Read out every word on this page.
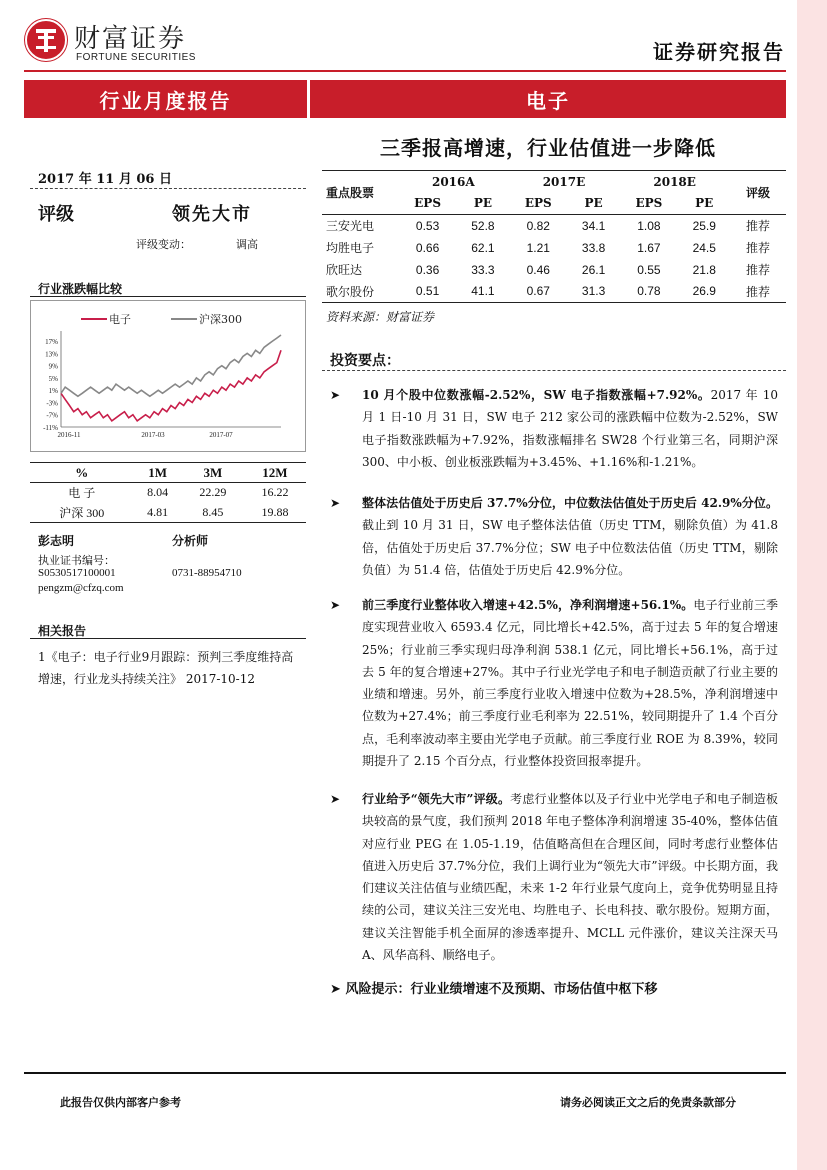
财富证券
FORTUNE SECURITIES	证券研究报告
行业月度报告	电子
三季报高增速，行业估值进一步降低
2017 年 11 月 06 日
评级	领先大市
评级变动：	调高
行业涨跌幅比较
17%
13%
9%
5%
1%
-3%
-7%
-11%
2016-11	2017-03	2017-07
电子	沪深300
%	1M	3M	12M
电 子	8.04	22.29	16.22
沪深 300	4.81	8.45	19.88
彭志明	分析师
执业证书编号：
S0530517100001	0731-88954710
pengzm@cfzq.com
相关报告
1《电子：电子行业9月跟踪：预判三季度维持高增速，行业龙头持续关注》 2017-10-12
重点股票	2016A		2017E		2018E		评级
	EPS	PE	EPS	PE	EPS	PE	
三安光电	0.53	52.8	0.82	34.1	1.08	25.9	推荐
均胜电子	0.66	62.1	1.21	33.8	1.67	24.5	推荐
欣旺达	0.36	33.3	0.46	26.1	0.55	21.8	推荐
歌尔股份	0.51	41.1	0.67	31.3	0.78	26.9	推荐
资料来源：财富证券
投资要点：
➤	10 月个股中位数涨幅-2.52%，SW 电子指数涨幅+7.92%。2017 年 10 月 1 日-10 月 31 日，SW 电子 212 家公司的涨跌幅中位数为-2.52%，SW 电子指数涨跌幅为+7.92%，指数涨幅排名 SW28 个行业第三名，同期沪深 300、中小板、创业板涨跌幅为+3.45%、+1.16%和-1.21%。
➤	整体法估值处于历史后 37.7%分位，中位数法估值处于历史后 42.9%分位。截止到 10 月 31 日，SW 电子整体法估值（历史 TTM，剔除负值）为 41.8 倍，估值处于历史后 37.7%分位；SW 电子中位数法估值（历史 TTM，剔除负值）为 51.4 倍，估值处于历史后 42.9%分位。
➤	前三季度行业整体收入增速+42.5%，净利润增速+56.1%。电子行业前三季度实现营业收入 6593.4 亿元，同比增长+42.5%，高于过去 5 年的复合增速 25%；行业前三季实现归母净利润 538.1 亿元，同比增长+56.1%，高于过去 5 年的复合增速+27%。其中子行业光学电子和电子制造贡献了行业主要的业绩和增速。另外，前三季度行业收入增速中位数为+28.5%，净利润增速中位数为+27.4%；前三季度行业毛利率为 22.51%，较同期提升了 1.4 个百分点，毛利率波动率主要由光学电子贡献。前三季度行业 ROE 为 8.39%，较同期提升了 2.15 个百分点，行业整体投资回报率提升。
➤	行业给予“领先大市”评级。考虑行业整体以及子行业中光学电子和电子制造板块较高的景气度，我们预判 2018 年电子整体净利润增速 35-40%，整体估值对应行业 PEG 在 1.05-1.19，估值略高但在合理区间，同时考虑行业整体估值进入历史后 37.7%分位，我们上调行业为“领先大市”评级。中长期方面，我们建议关注估值与业绩匹配，未来 1-2 年行业景气度向上，竞争优势明显且持续的公司，建议关注三安光电、均胜电子、长电科技、歌尔股份。短期方面，建议关注智能手机全面屏的渗透率提升、MCLL 元件涨价，建议关注深天马 A、风华高科、顺络电子。
➤ 风险提示：行业业绩增速不及预期、市场估值中枢下移
此报告仅供内部客户参考	请务必阅读正文之后的免责条款部分
